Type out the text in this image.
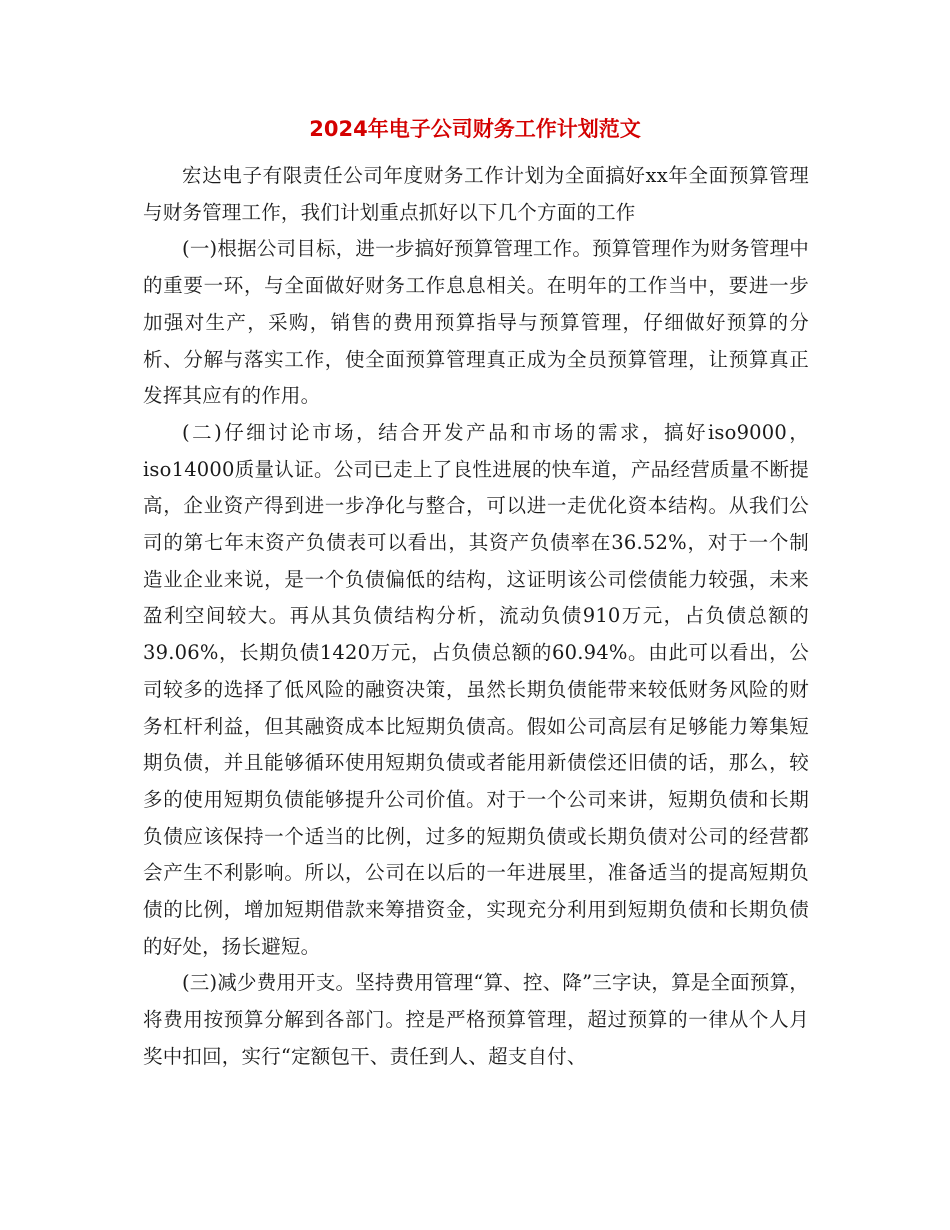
2024年电子公司财务工作计划范文

宏达电子有限责任公司年度财务工作计划为全面搞好xx年全面预算管理与财务管理工作，我们计划重点抓好以下几个方面的工作

(一)根据公司目标，进一步搞好预算管理工作。预算管理作为财务管理中的重要一环，与全面做好财务工作息息相关。在明年的工作当中，要进一步加强对生产，采购，销售的费用预算指导与预算管理，仔细做好预算的分析、分解与落实工作，使全面预算管理真正成为全员预算管理，让预算真正发挥其应有的作用。

(二)仔细讨论市场，结合开发产品和市场的需求，搞好iso9000，iso14000质量认证。公司已走上了良性进展的快车道，产品经营质量不断提高，企业资产得到进一步净化与整合，可以进一走优化资本结构。从我们公司的第七年末资产负债表可以看出，其资产负债率在36.52%，对于一个制造业企业来说，是一个负债偏低的结构，这证明该公司偿债能力较强，未来盈利空间较大。再从其负债结构分析，流动负债910万元，占负债总额的39.06%，长期负债1420万元，占负债总额的60.94%。由此可以看出，公司较多的选择了低风险的融资决策，虽然长期负债能带来较低财务风险的财务杠杆利益，但其融资成本比短期负债高。假如公司高层有足够能力筹集短期负债，并且能够循环使用短期负债或者能用新债偿还旧债的话，那么，较多的使用短期负债能够提升公司价值。对于一个公司来讲，短期负债和长期负债应该保持一个适当的比例，过多的短期负债或长期负债对公司的经营都会产生不利影响。所以，公司在以后的一年进展里，准备适当的提高短期负债的比例，增加短期借款来筹措资金，实现充分利用到短期负债和长期负债的好处，扬长避短。

(三)减少费用开支。坚持费用管理“算、控、降”三字诀，算是全面预算，将费用按预算分解到各部门。控是严格预算管理，超过预算的一律从个人月奖中扣回，实行“定额包干、责任到人、超支自付、
